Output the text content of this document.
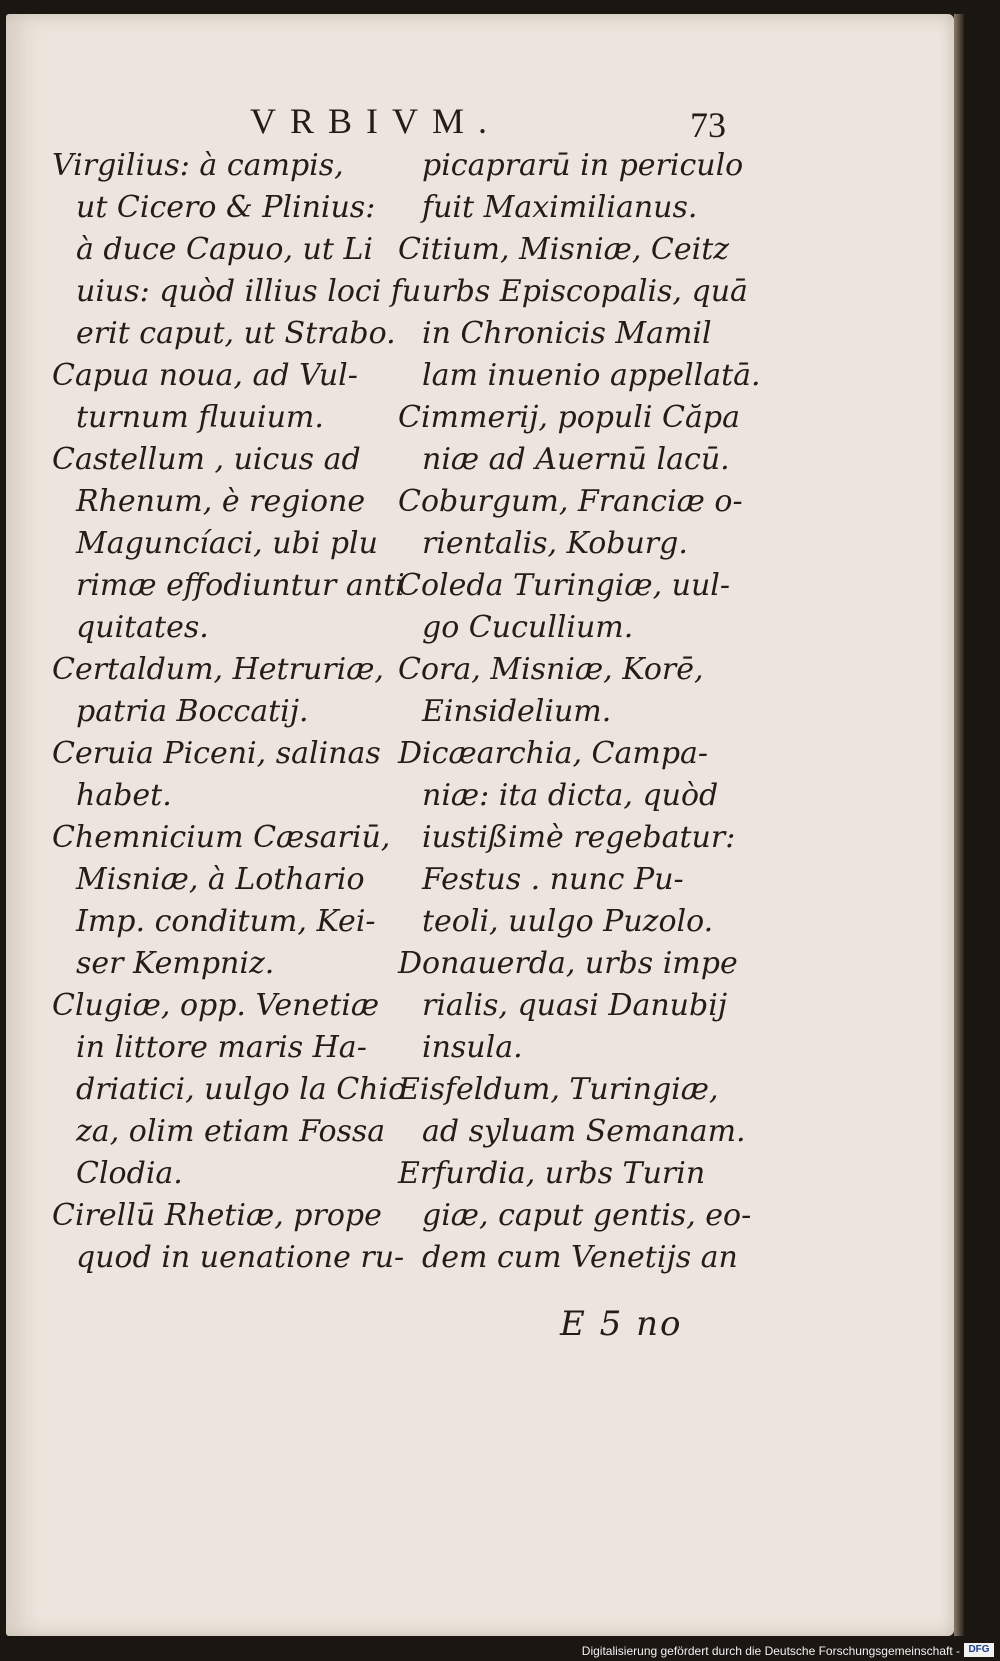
VRBIVM.	73
Virgilius: à campis,
ut Cicero & Plinius:
à duce Capuo, ut Li
uius: quòd illius loci fu
erit caput, ut Strabo.
Capua noua, ad Vul-
turnum fluuium.
Castellum , uicus ad
Rhenum, è regione
Maguncíaci, ubi plu
rimæ effodiuntur anti
quitates.
Certaldum, Hetruriæ,
patria Boccatij.
Ceruia Piceni, salinas
habet.
Chemnicium Cæsariū,
Misniæ, à Lothario
Imp. conditum, Kei-
ser Kempniz.
Clugiæ, opp. Venetiæ
in littore maris Ha-
driatici, uulgo la Chio
za, olim etiam Fossa
Clodia.
Cirellū Rhetiæ, prope
quod in uenatione ru-
picaprarū in periculo
fuit Maximilianus.
Citium, Misniæ, Ceitz
urbs Episcopalis, quā
in Chronicis Mamil
lam inuenio appellatā.
Cimmerij, populi Căpa
niæ ad Auernū lacū.
Coburgum, Franciæ o-
rientalis, Koburg.
Coleda Turingiæ, uul-
go Cucullium.
Cora, Misniæ, Korē,
Einsidelium.
Dicæarchia, Campa-
niæ: ita dicta, quòd
iustißimè regebatur:
Festus . nunc Pu-
teoli, uulgo Puzolo.
Donauerda, urbs impe
rialis, quasi Danubij
insula.
Eisfeldum, Turingiæ,
ad syluam Semanam.
Erfurdia, urbs Turin
giæ, caput gentis, eo-
dem cum Venetijs an
E 5 no
Digitalisierung gefördert durch die Deutsche Forschungsgemeinschaft - DFG
